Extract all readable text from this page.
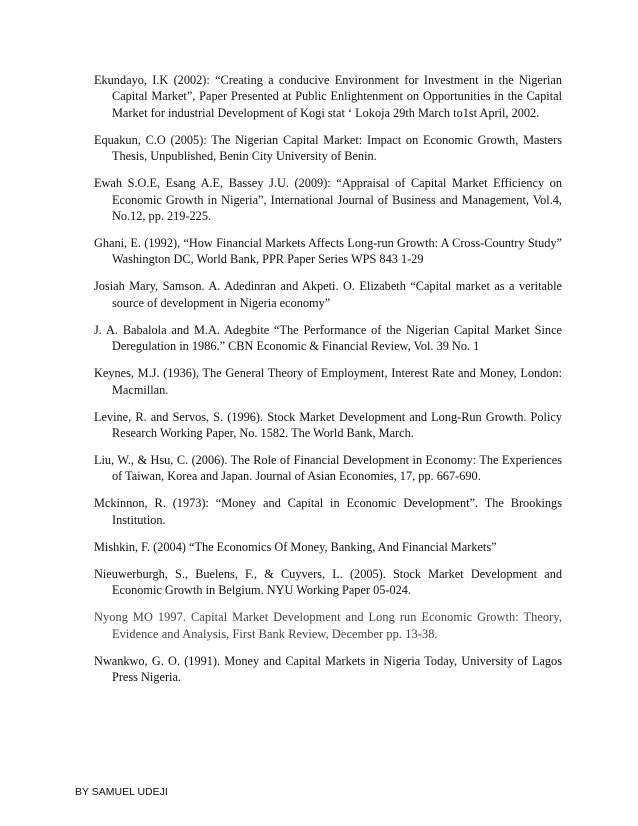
Ekundayo, I.K (2002): “Creating a conducive Environment for Investment in the Nigerian Capital Market”, Paper Presented at Public Enlightenment on Opportunities in the Capital Market for industrial Development of Kogi stat ‘ Lokoja 29th March to1st April, 2002.
Equakun, C.O (2005): The Nigerian Capital Market: Impact on Economic Growth, Masters Thesis, Unpublished, Benin City University of Benin.
Ewah S.O.E, Esang A.E, Bassey J.U. (2009): “Appraisal of Capital Market Efficiency on Economic Growth in Nigeria”, International Journal of Business and Management, Vol.4, No.12, pp. 219-225.
Ghani, E. (1992), “How Financial Markets Affects Long-run Growth: A Cross-Country Study” Washington DC, World Bank, PPR Paper Series WPS 843 1-29
Josiah Mary, Samson. A. Adedinran and Akpeti. O. Elizabeth “Capital market as a veritable source of development in Nigeria economy”
J. A. Babalola and M.A. Adegbite “The Performance of the Nigerian Capital Market Since Deregulation in 1986.” CBN Economic & Financial Review, Vol. 39 No. 1
Keynes, M.J. (1936), The General Theory of Employment, Interest Rate and Money, London: Macmillan.
Levine, R. and Servos, S. (1996). Stock Market Development and Long-Run Growth. Policy Research Working Paper, No. 1582. The World Bank, March.
Liu, W., & Hsu, C. (2006). The Role of Financial Development in Economy: The Experiences of Taiwan, Korea and Japan. Journal of Asian Economies, 17, pp. 667-690.
Mckinnon, R. (1973): “Money and Capital in Economic Development”. The Brookings Institution.
Mishkin, F. (2004) “The Economics Of Money, Banking, And Financial Markets”
Nieuwerburgh, S., Buelens, F., & Cuyvers, L. (2005). Stock Market Development and Economic Growth in Belgium. NYU Working Paper 05-024.
Nyong MO 1997. Capital Market Development and Long run Economic Growth: Theory, Evidence and Analysis, First Bank Review, December pp. 13-38.
Nwankwo, G. O. (1991). Money and Capital Markets in Nigeria Today, University of Lagos Press Nigeria.
BY SAMUEL UDEJI
